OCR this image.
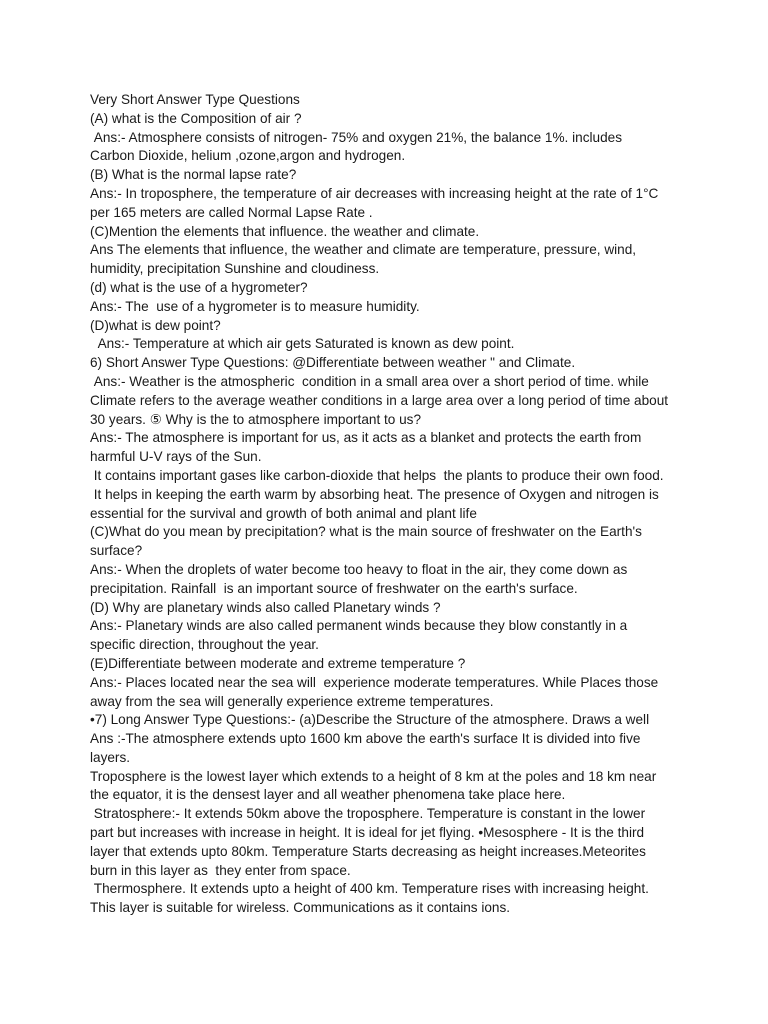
Very Short Answer Type Questions
(A) what is the Composition of air ?
Ans:- Atmosphere consists of nitrogen- 75% and oxygen 21%, the balance 1%. includes
Carbon Dioxide, helium ,ozone,argon and hydrogen.
(B) What is the normal lapse rate?
Ans:- In troposphere, the temperature of air decreases with increasing height at the rate of 1°C
per 165 meters are called Normal Lapse Rate .
(C)Mention the elements that influence. the weather and climate.
Ans The elements that influence, the weather and climate are temperature, pressure, wind,
humidity, precipitation Sunshine and cloudiness.
(d) what is the use of a hygrometer?
Ans:- The  use of a hygrometer is to measure humidity.
(D)what is dew point?
Ans:- Temperature at which air gets Saturated is known as dew point.
6) Short Answer Type Questions: @Differentiate between weather " and Climate.
Ans:- Weather is the atmospheric  condition in a small area over a short period of time. while
Climate refers to the average weather conditions in a large area over a long period of time about
30 years. ⑤ Why is the to atmosphere important to us?
Ans:- The atmosphere is important for us, as it acts as a blanket and protects the earth from
harmful U-V rays of the Sun.
It contains important gases like carbon-dioxide that helps  the plants to produce their own food.
It helps in keeping the earth warm by absorbing heat. The presence of Oxygen and nitrogen is
essential for the survival and growth of both animal and plant life
(C)What do you mean by precipitation? what is the main source of freshwater on the Earth's
surface?
Ans:- When the droplets of water become too heavy to float in the air, they come down as
precipitation. Rainfall  is an important source of freshwater on the earth's surface.
(D) Why are planetary winds also called Planetary winds ?
Ans:- Planetary winds are also called permanent winds because they blow constantly in a
specific direction, throughout the year.
(E)Differentiate between moderate and extreme temperature ?
Ans:- Places located near the sea will  experience moderate temperatures. While Places those
away from the sea will generally experience extreme temperatures.
•7) Long Answer Type Questions:- (a)Describe the Structure of the atmosphere. Draws a well
Ans :-The atmosphere extends upto 1600 km above the earth's surface It is divided into five
layers.
Troposphere is the lowest layer which extends to a height of 8 km at the poles and 18 km near
the equator, it is the densest layer and all weather phenomena take place here.
Stratosphere:- It extends 50km above the troposphere. Temperature is constant in the lower
part but increases with increase in height. It is ideal for jet flying. •Mesosphere - It is the third
layer that extends upto 80km. Temperature Starts decreasing as height increases.Meteorites
burn in this layer as  they enter from space.
Thermosphere. It extends upto a height of 400 km. Temperature rises with increasing height.
This layer is suitable for wireless. Communications as it contains ions.
